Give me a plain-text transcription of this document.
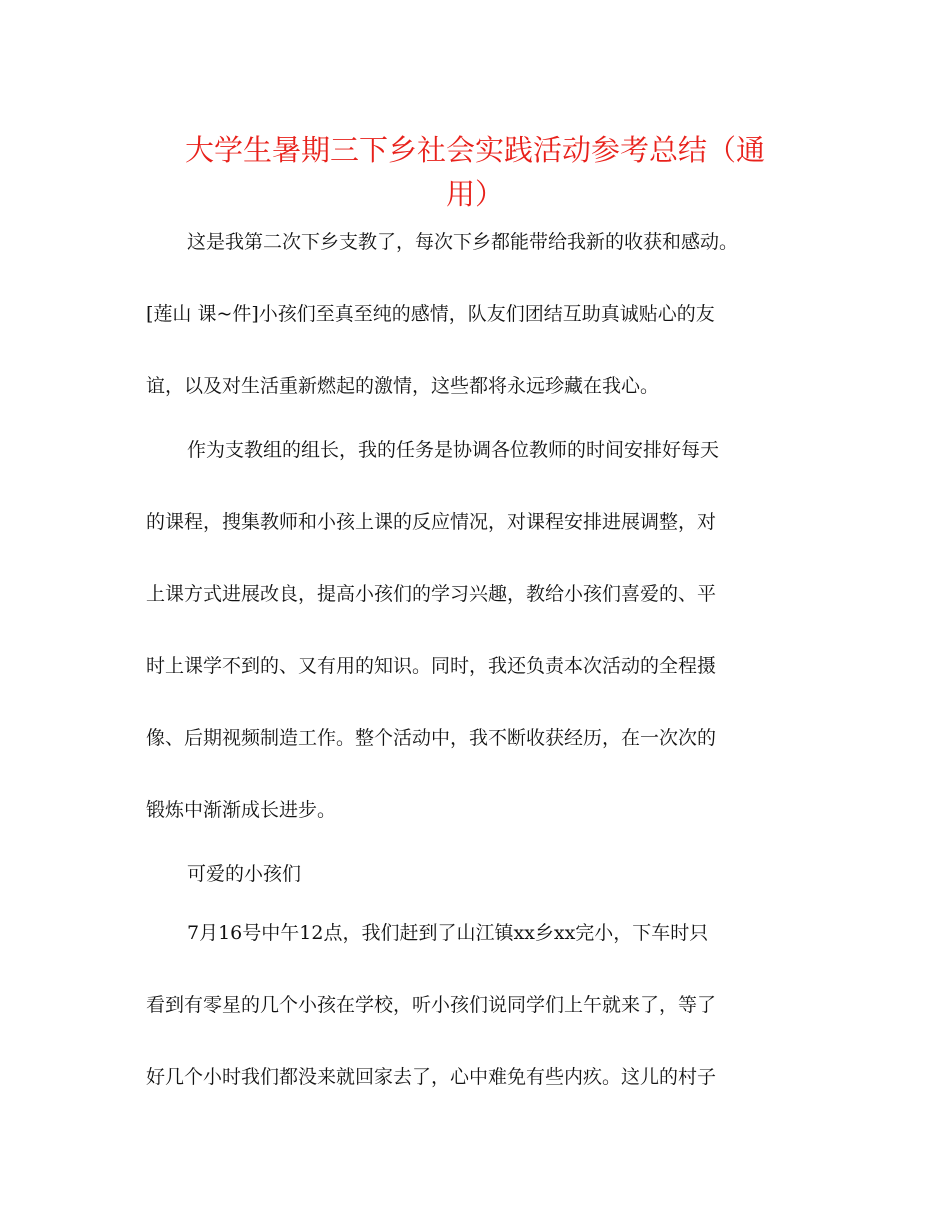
大学生暑期三下乡社会实践活动参考总结（通
用）

这是我第二次下乡支教了，每次下乡都能带给我新的收获和感动。

[莲山 课~件]小孩们至真至纯的感情，队友们团结互助真诚贴心的友

谊，以及对生活重新燃起的激情，这些都将永远珍藏在我心。

作为支教组的组长，我的任务是协调各位教师的时间安排好每天

的课程，搜集教师和小孩上课的反应情况，对课程安排进展调整，对

上课方式进展改良，提高小孩们的学习兴趣，教给小孩们喜爱的、平

时上课学不到的、又有用的知识。同时，我还负责本次活动的全程摄

像、后期视频制造工作。整个活动中，我不断收获经历，在一次次的

锻炼中渐渐成长进步。

可爱的小孩们

7月16号中午12点，我们赶到了山江镇xx乡xx完小，下车时只

看到有零星的几个小孩在学校，听小孩们说同学们上午就来了，等了

好几个小时我们都没来就回家去了，心中难免有些内疚。这儿的村子
